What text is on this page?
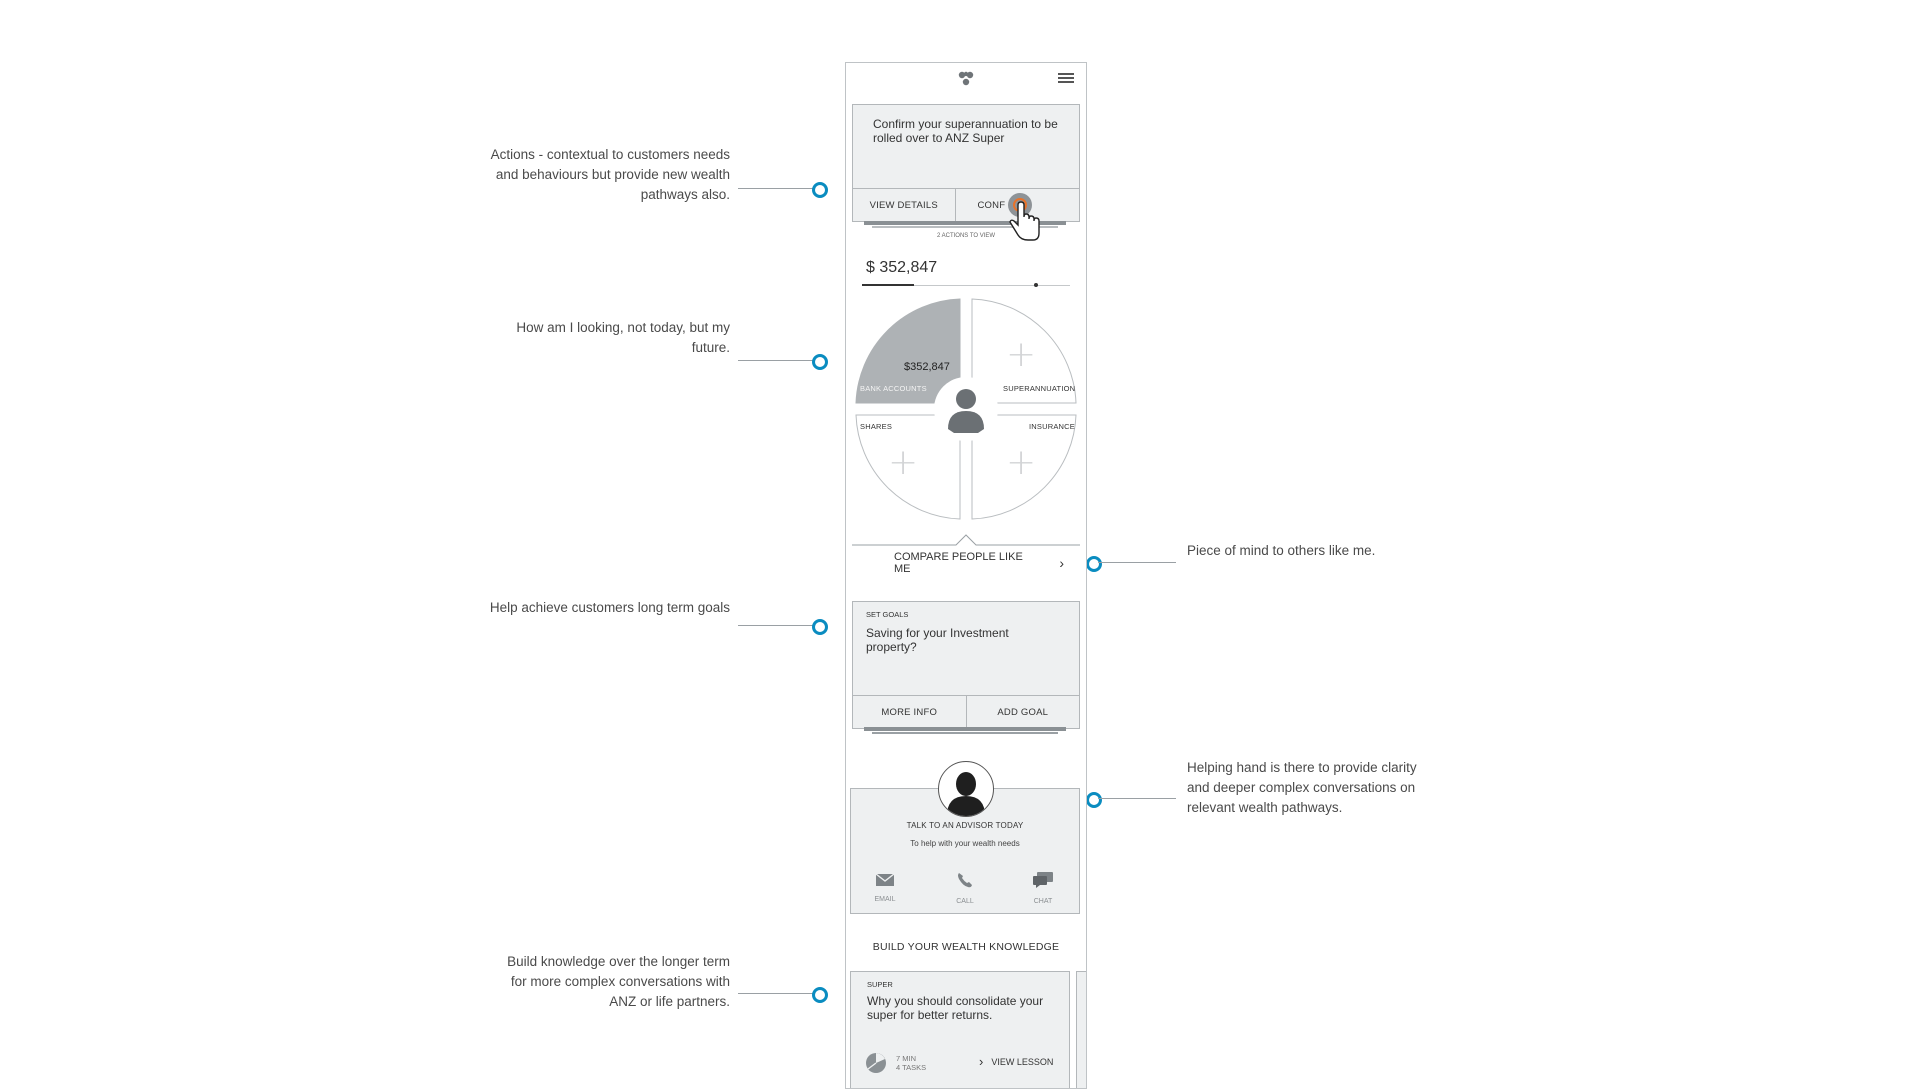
Actions - contextual to customers needs
and behaviours but provide new wealth
pathways also.
How am I looking, not today, but my
future.
Help achieve customers long term goals
Build knowledge over the longer term
for more complex conversations with
ANZ or life partners.
Piece of mind to others like me.
Helping hand is there to provide clarity
and deeper complex conversations on
relevant wealth pathways.
Confirm your superannuation to be rolled over to ANZ Super
VIEW DETAILS	CONF
2 ACTIONS TO VIEW
$ 352,847
$352,847
BANK ACCOUNTS	SUPERANNUATION
SHARES	INSURANCE
+
+ +
COMPARE PEOPLE LIKE ME	›
SET GOALS
Saving for your Investment property?
MORE INFO	ADD GOAL
TALK TO AN ADVISOR TODAY
To help with your wealth needs
EMAIL	CALL	CHAT
BUILD YOUR WEALTH KNOWLEDGE
SUPER
Why you should consolidate your super for better returns.
7 MIN
4 TASKS	› VIEW LESSON
